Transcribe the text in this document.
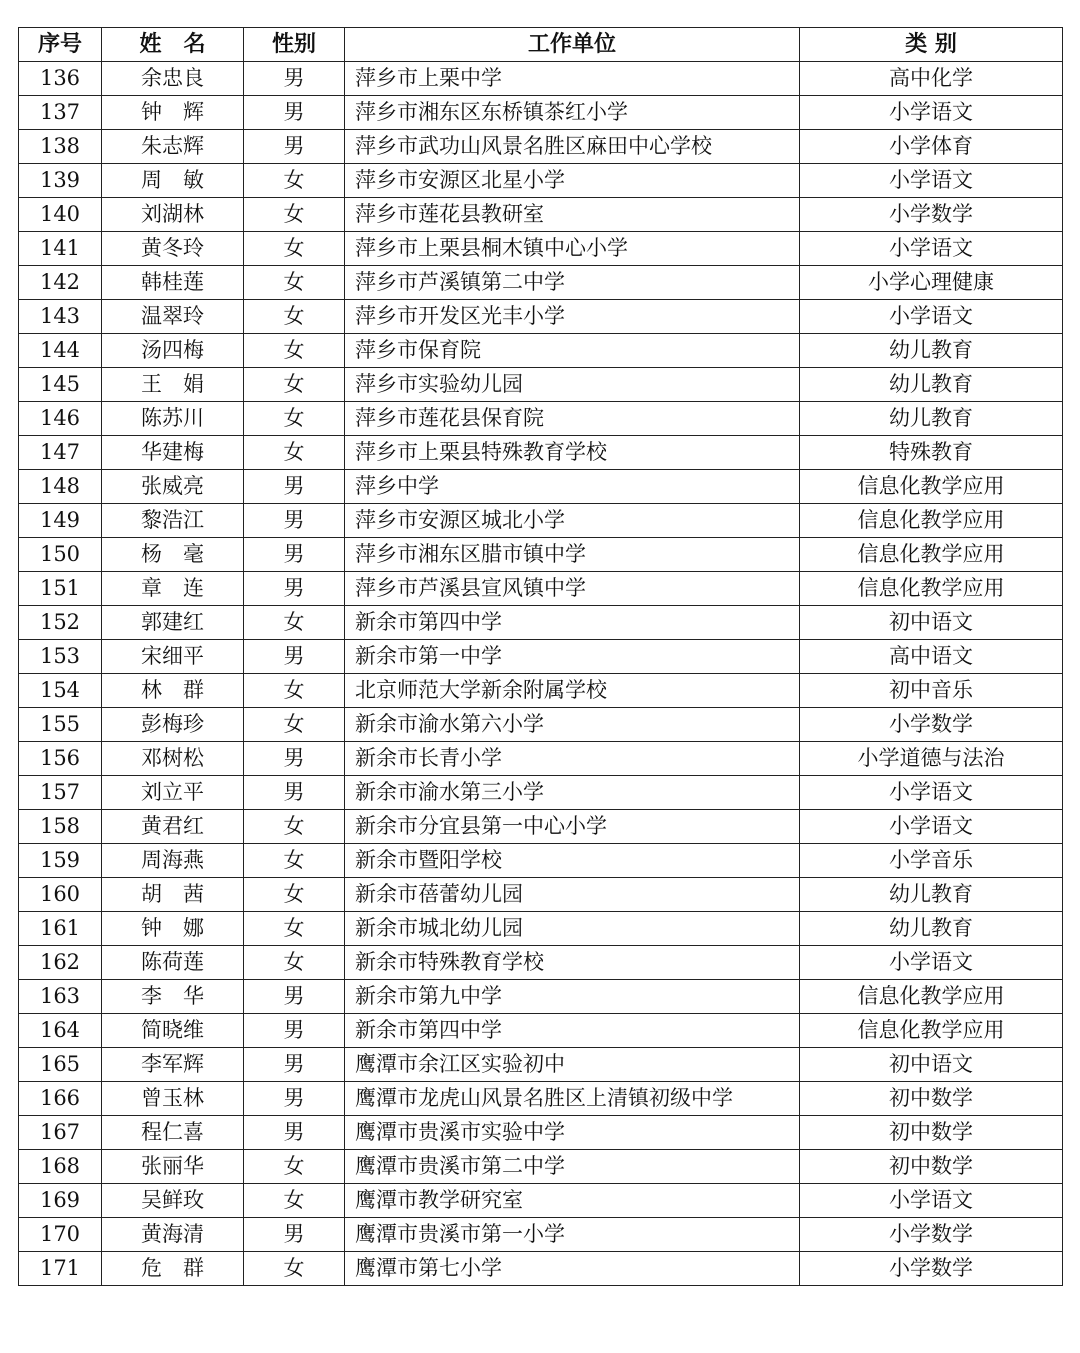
序号	姓　名	性别	工作单位	类 别
136	余忠良	男	萍乡市上栗中学	高中化学
137	钟　辉	男	萍乡市湘东区东桥镇茶红小学	小学语文
138	朱志辉	男	萍乡市武功山风景名胜区麻田中心学校	小学体育
139	周　敏	女	萍乡市安源区北星小学	小学语文
140	刘湖林	女	萍乡市莲花县教研室	小学数学
141	黄冬玲	女	萍乡市上栗县桐木镇中心小学	小学语文
142	韩桂莲	女	萍乡市芦溪镇第二中学	小学心理健康
143	温翠玲	女	萍乡市开发区光丰小学	小学语文
144	汤四梅	女	萍乡市保育院	幼儿教育
145	王　娟	女	萍乡市实验幼儿园	幼儿教育
146	陈苏川	女	萍乡市莲花县保育院	幼儿教育
147	华建梅	女	萍乡市上栗县特殊教育学校	特殊教育
148	张威亮	男	萍乡中学	信息化教学应用
149	黎浩江	男	萍乡市安源区城北小学	信息化教学应用
150	杨　毫	男	萍乡市湘东区腊市镇中学	信息化教学应用
151	章　连	男	萍乡市芦溪县宣风镇中学	信息化教学应用
152	郭建红	女	新余市第四中学	初中语文
153	宋细平	男	新余市第一中学	高中语文
154	林　群	女	北京师范大学新余附属学校	初中音乐
155	彭梅珍	女	新余市渝水第六小学	小学数学
156	邓树松	男	新余市长青小学	小学道德与法治
157	刘立平	男	新余市渝水第三小学	小学语文
158	黄君红	女	新余市分宜县第一中心小学	小学语文
159	周海燕	女	新余市暨阳学校	小学音乐
160	胡　茜	女	新余市蓓蕾幼儿园	幼儿教育
161	钟　娜	女	新余市城北幼儿园	幼儿教育
162	陈荷莲	女	新余市特殊教育学校	小学语文
163	李　华	男	新余市第九中学	信息化教学应用
164	简晓维	男	新余市第四中学	信息化教学应用
165	李军辉	男	鹰潭市余江区实验初中	初中语文
166	曾玉林	男	鹰潭市龙虎山风景名胜区上清镇初级中学	初中数学
167	程仁喜	男	鹰潭市贵溪市实验中学	初中数学
168	张丽华	女	鹰潭市贵溪市第二中学	初中数学
169	吴鲜玫	女	鹰潭市教学研究室	小学语文
170	黄海清	男	鹰潭市贵溪市第一小学	小学数学
171	危　群	女	鹰潭市第七小学	小学数学
